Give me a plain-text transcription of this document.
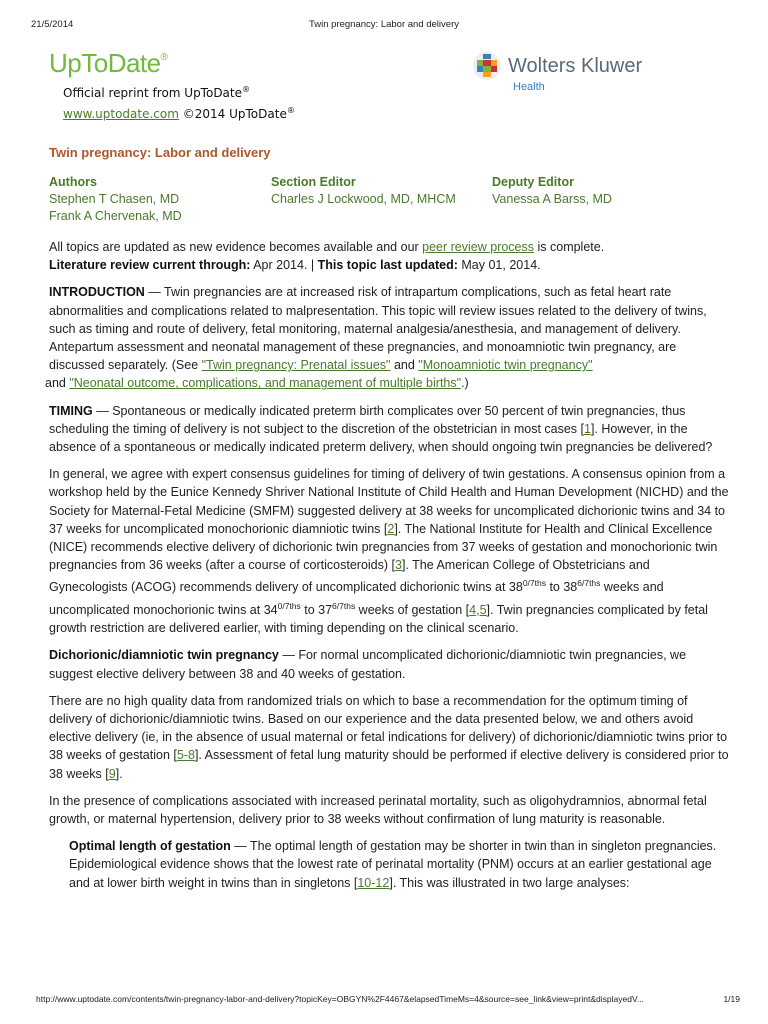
21/5/2014	Twin pregnancy: Labor and delivery
UpToDate®
Official reprint from UpToDate®
www.uptodate.com ©2014 UpToDate®
Wolters Kluwer
Health
Twin pregnancy: Labor and delivery
Authors
Stephen T Chasen, MD
Frank A Chervenak, MD
Section Editor
Charles J Lockwood, MD, MHCM
Deputy Editor
Vanessa A Barss, MD

All topics are updated as new evidence becomes available and our peer review process is complete.
Literature review current through: Apr 2014. | This topic last updated: May 01, 2014.

INTRODUCTION — Twin pregnancies are at increased risk of intrapartum complications, such as fetal heart rate abnormalities and complications related to malpresentation. This topic will review issues related to the delivery of twins, such as timing and route of delivery, fetal monitoring, maternal analgesia/anesthesia, and management of delivery. Antepartum assessment and neonatal management of these pregnancies, and monoamniotic twin pregnancy, are discussed separately. (See "Twin pregnancy: Prenatal issues" and "Monoamniotic twin pregnancy"
and "Neonatal outcome, complications, and management of multiple births".)

TIMING — Spontaneous or medically indicated preterm birth complicates over 50 percent of twin pregnancies, thus scheduling the timing of delivery is not subject to the discretion of the obstetrician in most cases [1]. However, in the absence of a spontaneous or medically indicated preterm delivery, when should ongoing twin pregnancies be delivered?

In general, we agree with expert consensus guidelines for timing of delivery of twin gestations. A consensus opinion from a workshop held by the Eunice Kennedy Shriver National Institute of Child Health and Human Development (NICHD) and the Society for Maternal-Fetal Medicine (SMFM) suggested delivery at 38 weeks for uncomplicated dichorionic twins and 34 to 37 weeks for uncomplicated monochorionic diamniotic twins [2]. The National Institute for Health and Clinical Excellence (NICE) recommends elective delivery of dichorionic twin pregnancies from 37 weeks of gestation and monochorionic twin pregnancies from 36 weeks (after a course of corticosteroids) [3]. The American College of Obstetricians and Gynecologists (ACOG) recommends delivery of uncomplicated dichorionic twins at $38^{0/7ths}$ to $38^{6/7ths}$ weeks and uncomplicated monochorionic twins at $34^{0/7ths}$ to $37^{6/7ths}$ weeks of gestation [4,5]. Twin pregnancies complicated by fetal growth restriction are delivered earlier, with timing depending on the clinical scenario.

Dichorionic/diamniotic twin pregnancy — For normal uncomplicated dichorionic/diamniotic twin pregnancies, we suggest elective delivery between 38 and 40 weeks of gestation.

There are no high quality data from randomized trials on which to base a recommendation for the optimum timing of delivery of dichorionic/diamniotic twins. Based on our experience and the data presented below, we and others avoid elective delivery (ie, in the absence of usual maternal or fetal indications for delivery) of dichorionic/diamniotic twins prior to 38 weeks of gestation [5-8]. Assessment of fetal lung maturity should be performed if elective delivery is considered prior to 38 weeks [9].

In the presence of complications associated with increased perinatal mortality, such as oligohydramnios, abnormal fetal growth, or maternal hypertension, delivery prior to 38 weeks without confirmation of lung maturity is reasonable.

Optimal length of gestation — The optimal length of gestation may be shorter in twin than in singleton pregnancies. Epidemiological evidence shows that the lowest rate of perinatal mortality (PNM) occurs at an earlier gestational age and at lower birth weight in twins than in singletons [10-12]. This was illustrated in two large analyses:

http://www.uptodate.com/contents/twin-pregnancy-labor-and-delivery?topicKey=OBGYN%2F4467&elapsedTimeMs=4&source=see_link&view=print&displayedV...	1/19
